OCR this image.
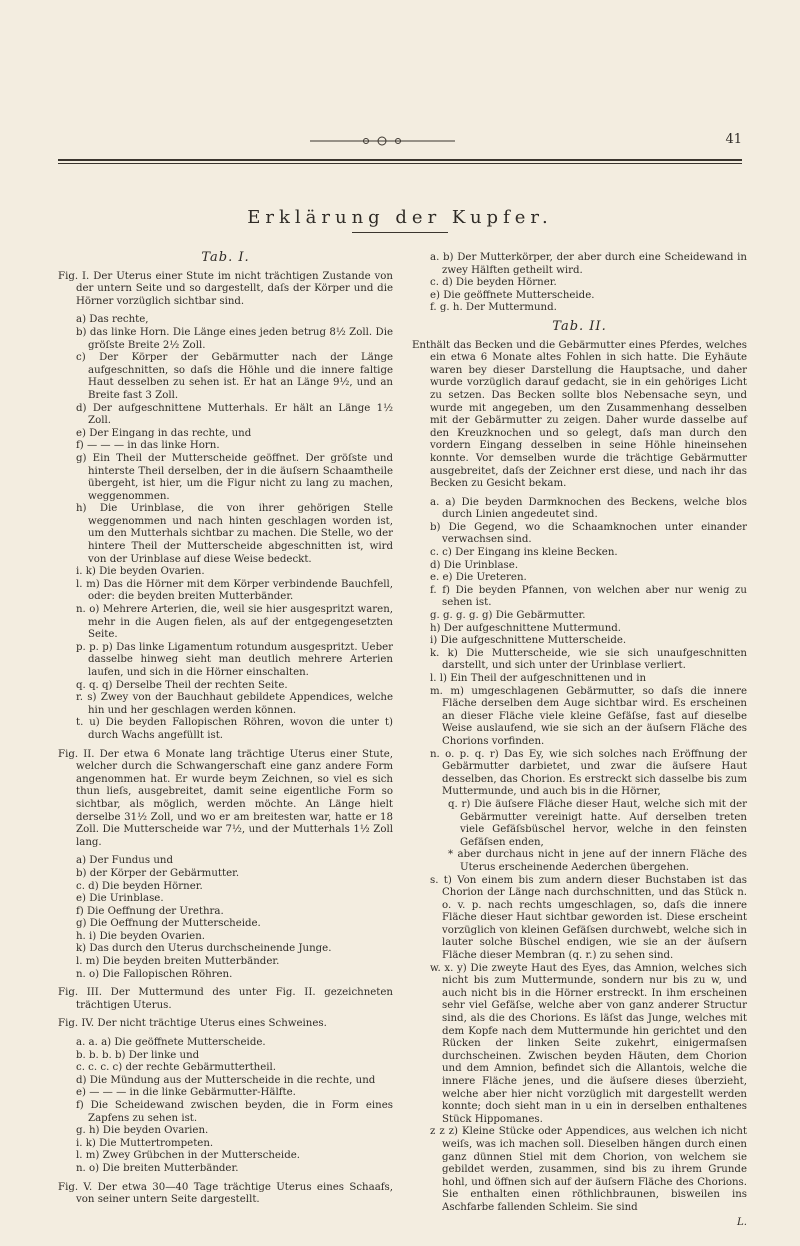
41
Erklärung der Kupfer.
Tab. I.
Fig. I. Der Uterus einer Stute im nicht trächtigen Zustande von der untern Seite und so dargestellt, daſs der Körper und die Hörner vorzüglich sichtbar sind.
a) Das rechte,
b) das linke Horn. Die Länge eines jeden betrug 8½ Zoll. Die gröſste Breite 2½ Zoll.
c) Der Körper der Gebärmutter nach der Länge aufgeschnitten, so daſs die Höhle und die innere faltige Haut desselben zu sehen ist. Er hat an Länge 9½, und an Breite fast 3 Zoll.
d) Der aufgeschnittene Mutterhals. Er hält an Länge 1½ Zoll.
e) Der Eingang in das rechte, und
f) — — — in das linke Horn.
g) Ein Theil der Mutterscheide geöffnet. Der gröſste und hinterste Theil derselben, der in die äuſsern Schaamtheile übergeht, ist hier, um die Figur nicht zu lang zu machen, weggenommen.
h) Die Urinblase, die von ihrer gehörigen Stelle weggenommen und nach hinten geschlagen worden ist, um den Mutterhals sichtbar zu machen. Die Stelle, wo der hintere Theil der Mutterscheide abgeschnitten ist, wird von der Urinblase auf diese Weise bedeckt.
i. k) Die beyden Ovarien.
l. m) Das die Hörner mit dem Körper verbindende Bauchfell, oder: die beyden breiten Mutterbänder.
n. o) Mehrere Arterien, die, weil sie hier ausgespritzt waren, mehr in die Augen fielen, als auf der entgegengesetzten Seite.
p. p. p) Das linke Ligamentum rotundum ausgespritzt. Ueber dasselbe hinweg sieht man deutlich mehrere Arterien laufen, und sich in die Hörner einschalten.
q. q. q) Derselbe Theil der rechten Seite.
r. s) Zwey von der Bauchhaut gebildete Appendices, welche hin und her geschlagen werden können.
t. u) Die beyden Fallopischen Röhren, wovon die unter t) durch Wachs angefüllt ist.
Fig. II. Der etwa 6 Monate lang trächtige Uterus einer Stute, welcher durch die Schwangerschaft eine ganz andere Form angenommen hat. Er wurde beym Zeichnen, so viel es sich thun lieſs, ausgebreitet, damit seine eigentliche Form so sichtbar, als möglich, werden möchte. An Länge hielt derselbe 31½ Zoll, und wo er am breitesten war, hatte er 18 Zoll. Die Mutterscheide war 7½, und der Mutterhals 1½ Zoll lang.
a) Der Fundus und
b) der Körper der Gebärmutter.
c. d) Die beyden Hörner.
e) Die Urinblase.
f) Die Oeffnung der Urethra.
g) Die Oeffnung der Mutterscheide.
h. i) Die beyden Ovarien.
k) Das durch den Uterus durchscheinende Junge.
l. m) Die beyden breiten Mutterbänder.
n. o) Die Fallopischen Röhren.
Fig. III. Der Muttermund des unter Fig. II. gezeichneten trächtigen Uterus.
Fig. IV. Der nicht trächtige Uterus eines Schweines.
a. a. a) Die geöffnete Mutterscheide.
b. b. b. b) Der linke und
c. c. c. c) der rechte Gebärmuttertheil.
d) Die Mündung aus der Mutterscheide in die rechte, und
e) — — — in die linke Gebärmutter-Hälfte.
f) Die Scheidewand zwischen beyden, die in Form eines Zapfens zu sehen ist.
g. h) Die beyden Ovarien.
i. k) Die Muttertrompeten.
l. m) Zwey Grübchen in der Mutterscheide.
n. o) Die breiten Mutterbänder.
Fig. V. Der etwa 30—40 Tage trächtige Uterus eines Schaafs, von seiner untern Seite dargestellt.
a. b) Der Mutterkörper, der aber durch eine Scheidewand in zwey Hälften getheilt wird.
c. d) Die beyden Hörner.
e) Die geöffnete Mutterscheide.
f. g. h. Der Muttermund.
Tab. II.
Enthält das Becken und die Gebärmutter eines Pferdes, welches ein etwa 6 Monate altes Fohlen in sich hatte. Die Eyhäute waren bey dieser Darstellung die Hauptsache, und daher wurde vorzüglich darauf gedacht, sie in ein gehöriges Licht zu setzen. Das Becken sollte blos Nebensache seyn, und wurde mit angegeben, um den Zusammenhang desselben mit der Gebärmutter zu zeigen. Daher wurde dasselbe auf den Kreuzknochen und so gelegt, daſs man durch den vordern Eingang desselben in seine Höhle hineinsehen konnte. Vor demselben wurde die trächtige Gebärmutter ausgebreitet, daſs der Zeichner erst diese, und nach ihr das Becken zu Gesicht bekam.
a. a) Die beyden Darmknochen des Beckens, welche blos durch Linien angedeutet sind.
b) Die Gegend, wo die Schaamknochen unter einander verwachsen sind.
c. c) Der Eingang ins kleine Becken.
d) Die Urinblase.
e. e) Die Ureteren.
f. f) Die beyden Pfannen, von welchen aber nur wenig zu sehen ist.
g. g. g. g. g) Die Gebärmutter.
h) Der aufgeschnittene Muttermund.
i) Die aufgeschnittene Mutterscheide.
k. k) Die Mutterscheide, wie sie sich unaufgeschnitten darstellt, und sich unter der Urinblase verliert.
l. l) Ein Theil der aufgeschnittenen und in
m. m) umgeschlagenen Gebärmutter, so daſs die innere Fläche derselben dem Auge sichtbar wird. Es erscheinen an dieser Fläche viele kleine Gefäſse, fast auf dieselbe Weise auslaufend, wie sie sich an der äuſsern Fläche des Chorions vorfinden.
n. o. p. q. r) Das Ey, wie sich solches nach Eröffnung der Gebärmutter darbietet, und zwar die äuſsere Haut desselben, das Chorion. Es erstreckt sich dasselbe bis zum Muttermunde, und auch bis in die Hörner,
q. r) Die äuſsere Fläche dieser Haut, welche sich mit der Gebärmutter vereinigt hatte. Auf derselben treten viele Gefäſsbüschel hervor, welche in den feinsten Gefäſsen enden,
* aber durchaus nicht in jene auf der innern Fläche des Uterus erscheinende Aederchen übergehen.
s. t) Von einem bis zum andern dieser Buchstaben ist das Chorion der Länge nach durchschnitten, und das Stück n. o. v. p. nach rechts umgeschlagen, so, daſs die innere Fläche dieser Haut sichtbar geworden ist. Diese erscheint vorzüglich von kleinen Gefäſsen durchwebt, welche sich in lauter solche Büschel endigen, wie sie an der äuſsern Fläche dieser Membran (q. r.) zu sehen sind.
w. x. y) Die zweyte Haut des Eyes, das Amnion, welches sich nicht bis zum Muttermunde, sondern nur bis zu w, und auch nicht bis in die Hörner erstreckt. In ihm erscheinen sehr viel Gefäſse, welche aber von ganz anderer Structur sind, als die des Chorions. Es läſst das Junge, welches mit dem Kopfe nach dem Muttermunde hin gerichtet und den Rücken der linken Seite zukehrt, einigermaſsen durchscheinen. Zwischen beyden Häuten, dem Chorion und dem Amnion, befindet sich die Allantois, welche die innere Fläche jenes, und die äuſsere dieses überzieht, welche aber hier nicht vorzüglich mit dargestellt werden konnte; doch sieht man in u ein in derselben enthaltenes Stück Hippomanes.
z z z) Kleine Stücke oder Appendices, aus welchen ich nicht weiſs, was ich machen soll. Dieselben hängen durch einen ganz dünnen Stiel mit dem Chorion, von welchem sie gebildet werden, zusammen, sind bis zu ihrem Grunde hohl, und öffnen sich auf der äuſsern Fläche des Chorions. Sie enthalten einen röthlichbraunen, bisweilen ins Aschfarbe fallenden Schleim. Sie sind
L.
